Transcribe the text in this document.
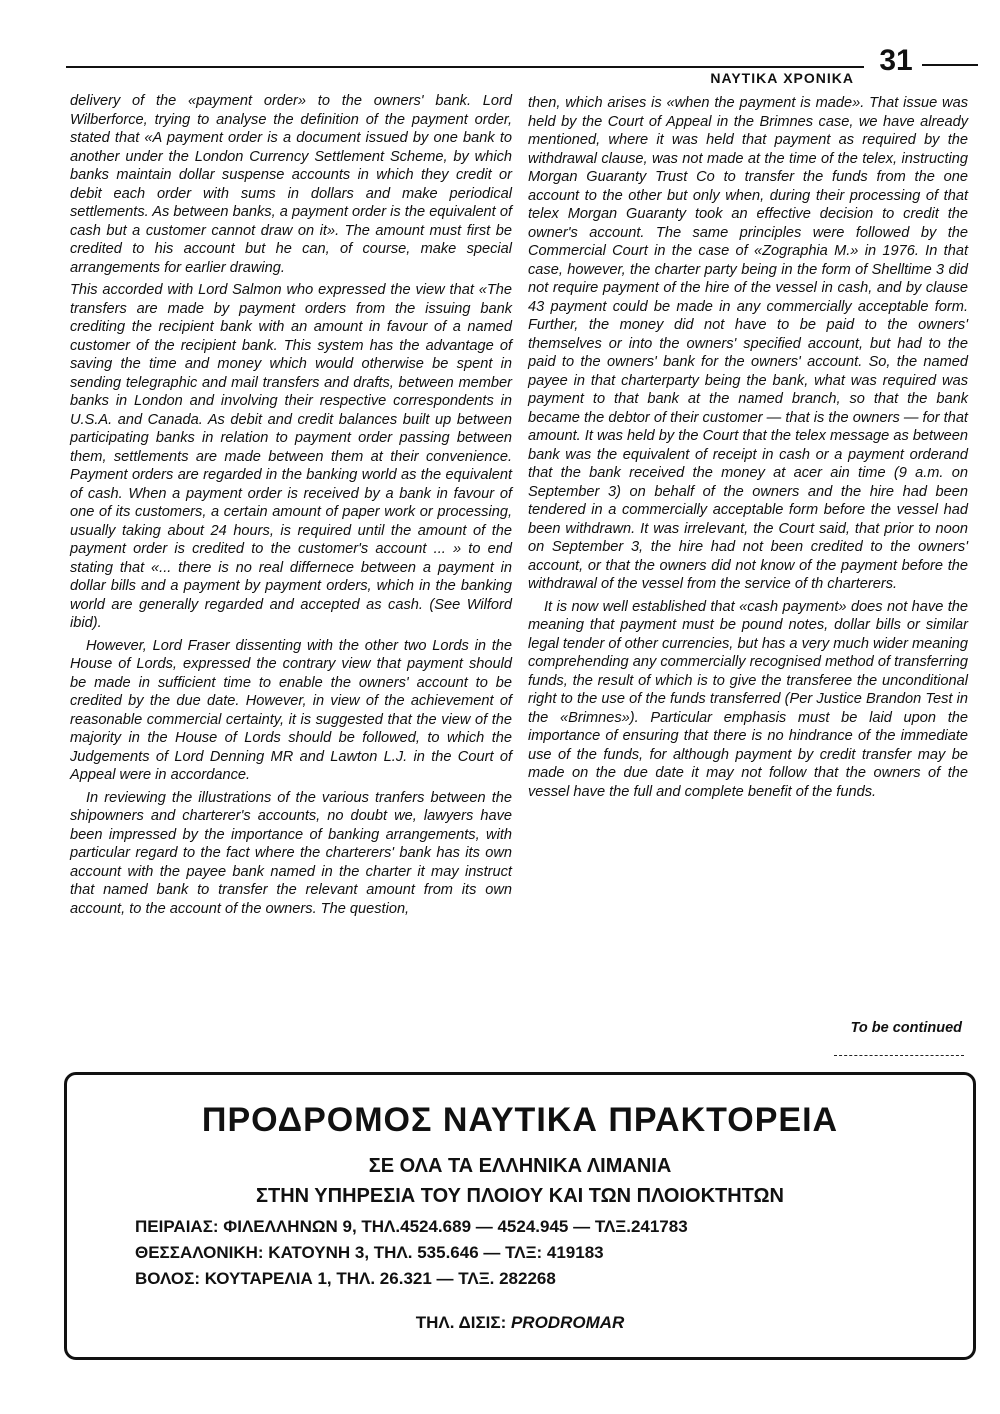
ΝΑΥΤΙΚΑ ΧΡΟΝΙΚΑ
31

delivery of the «payment order» to the owners' bank. Lord Wilberforce, trying to analyse the definition of the payment order, stated that «A payment order is a document issued by one bank to another under the London Currency Settlement Scheme, by which banks maintain dollar suspense accounts in which they credit or debit each order with sums in dollars and make periodical settlements. As between banks, a payment order is the equivalent of cash but a customer cannot draw on it». The amount must first be credited to his account but he can, of course, make special arrangements for earlier drawing.

This accorded with Lord Salmon who expressed the view that «The transfers are made by payment orders from the issuing bank crediting the recipient bank with an amount in favour of a named customer of the recipient bank. This system has the advantage of saving the time and money which would otherwise be spent in sending telegraphic and mail transfers and drafts, between member banks in London and involving their respective correspondents in U.S.A. and Canada. As debit and credit balances built up between participating banks in relation to payment order passing between them, settlements are made between them at their convenience. Payment orders are regarded in the banking world as the equivalent of cash. When a payment order is received by a bank in favour of one of its customers, a certain amount of paper work or processing, usually taking about 24 hours, is required until the amount of the payment order is credited to the customer's account ... » to end stating that «... there is no real differnece between a payment in dollar bills and a payment by payment orders, which in the banking world are generally regarded and accepted as cash. (See Wilford ibid).

However, Lord Fraser dissenting with the other two Lords in the House of Lords, expressed the contrary view that payment should be made in sufficient time to enable the owners' account to be credited by the due date. However, in view of the achievement of reasonable commercial certainty, it is suggested that the view of the majority in the House of Lords should be followed, to which the Judgements of Lord Denning MR and Lawton L.J. in the Court of Appeal were in accordance.

In reviewing the illustrations of the various tranfers between the shipowners and charterer's accounts, no doubt we, lawyers have been impressed by the importance of banking arrangements, with particular regard to the fact where the charterers' bank has its own account with the payee bank named in the charter it may instruct that named bank to transfer the relevant amount from its own account, to the account of the owners. The question,

then, which arises is «when the payment is made». That issue was held by the Court of Appeal in the Brimnes case, we have already mentioned, where it was held that payment as required by the withdrawal clause, was not made at the time of the telex, instructing Morgan Guaranty Trust Co to transfer the funds from the one account to the other but only when, during their processing of that telex Morgan Guaranty took an effective decision to credit the owner's account. The same principles were followed by the Commercial Court in the case of «Zographia M.» in 1976. In that case, however, the charter party being in the form of Shelltime 3 did not require payment of the hire of the vessel in cash, and by clause 43 payment could be made in any commercially acceptable form. Further, the money did not have to be paid to the owners' themselves or into the owners' specified account, but had to the paid to the owners' bank for the owners' account. So, the named payee in that charterparty being the bank, what was required was payment to that bank at the named branch, so that the bank became the debtor of their customer — that is the owners — for that amount. It was held by the Court that the telex message as between bank was the equivalent of receipt in cash or a payment orderand that the bank received the money at acer ain time (9 a.m. on September 3) on behalf of the owners and the hire had been tendered in a commercially acceptable form before the vessel had been withdrawn. It was irrelevant, the Court said, that prior to noon on September 3, the hire had not been credited to the owners' account, or that the owners did not know of the payment before the withdrawal of the vessel from the service of th charterers.

It is now well established that «cash payment» does not have the meaning that payment must be pound notes, dollar bills or similar legal tender of other currencies, but has a very much wider meaning comprehending any commercially recognised method of transferring funds, the result of which is to give the transferee the unconditional right to the use of the funds transferred (Per Justice Brandon Test in the «Brimnes»). Particular emphasis must be laid upon the importance of ensuring that there is no hindrance of the immediate use of the funds, for although payment by credit transfer may be made on the due date it may not follow that the owners of the vessel have the full and complete benefit of the funds.

To be continued
ΠΡΟΔΡΟΜΟΣ ΝΑΥΤΙΚΑ ΠΡΑΚΤΟΡΕΙΑ
ΣΕ ΟΛΑ ΤΑ ΕΛΛΗΝΙΚΑ ΛΙΜΑΝΙΑ
ΣΤΗΝ ΥΠΗΡΕΣΙΑ ΤΟΥ ΠΛΟΙΟΥ ΚΑΙ ΤΩΝ ΠΛΟΙΟΚΤΗΤΩΝ
ΠΕΙΡΑΙΑΣ: ΦΙΛΕΛΛΗΝΩΝ 9, ΤΗΛ.4524.689 — 4524.945 — ΤΛΞ.241783
ΘΕΣΣΑΛΟΝΙΚΗ: ΚΑΤΟΥΝΗ 3, ΤΗΛ. 535.646 — ΤΛΞ: 419183
ΒΟΛΟΣ: ΚΟΥΤΑΡΕΛΙΑ 1, ΤΗΛ. 26.321 — ΤΛΞ. 282268
ΤΗΛ. ΔΙΣΙΣ: PRODROMAR
